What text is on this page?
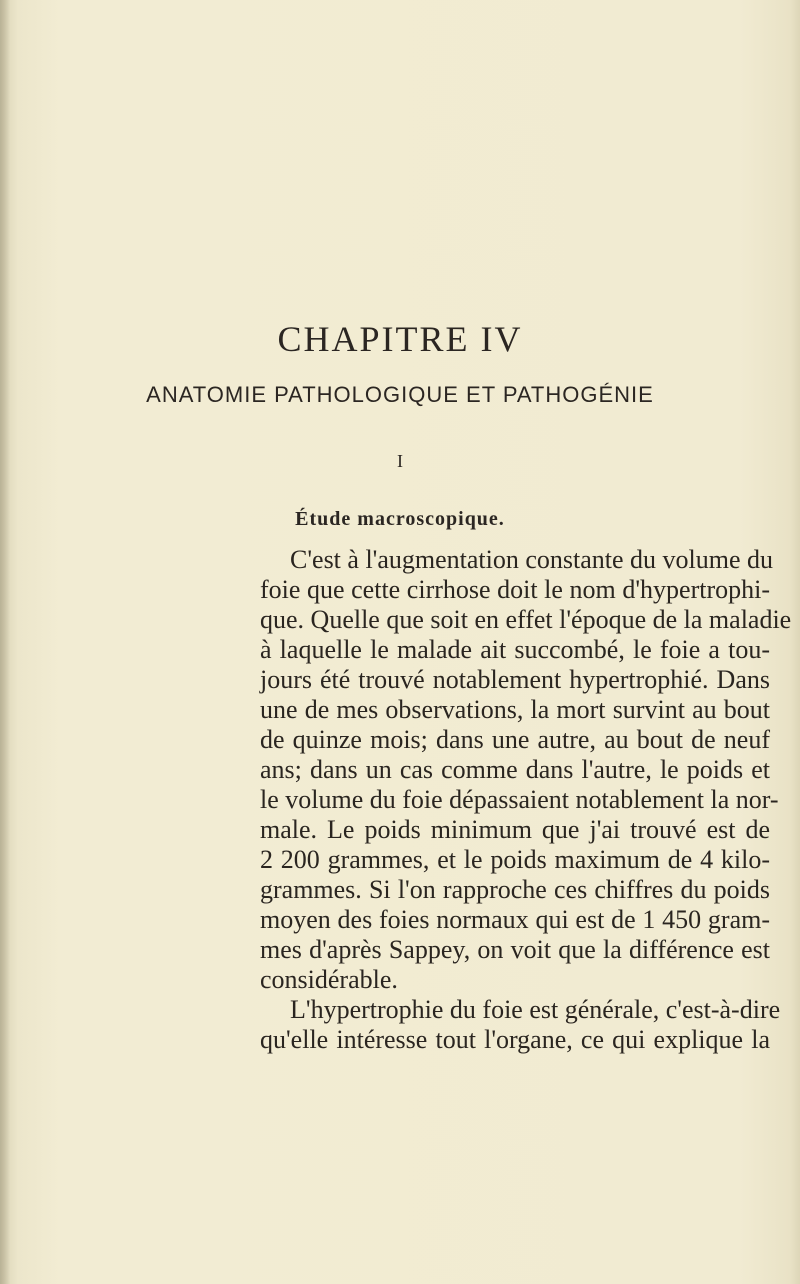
CHAPITRE IV
ANATOMIE PATHOLOGIQUE ET PATHOGÉNIE
I
Étude macroscopique.
C'est à l'augmentation constante du volume du
foie que cette cirrhose doit le nom d'hypertrophi-
que. Quelle que soit en effet l'époque de la maladie
à laquelle le malade ait succombé, le foie a tou-
jours été trouvé notablement hypertrophié. Dans
une de mes observations, la mort survint au bout
de quinze mois; dans une autre, au bout de neuf
ans; dans un cas comme dans l'autre, le poids et
le volume du foie dépassaient notablement la nor-
male. Le poids minimum que j'ai trouvé est de
2 200 grammes, et le poids maximum de 4 kilo-
grammes. Si l'on rapproche ces chiffres du poids
moyen des foies normaux qui est de 1 450 gram-
mes d'après Sappey, on voit que la différence est
considérable.
L'hypertrophie du foie est générale, c'est-à-dire
qu'elle intéresse tout l'organe, ce qui explique la
